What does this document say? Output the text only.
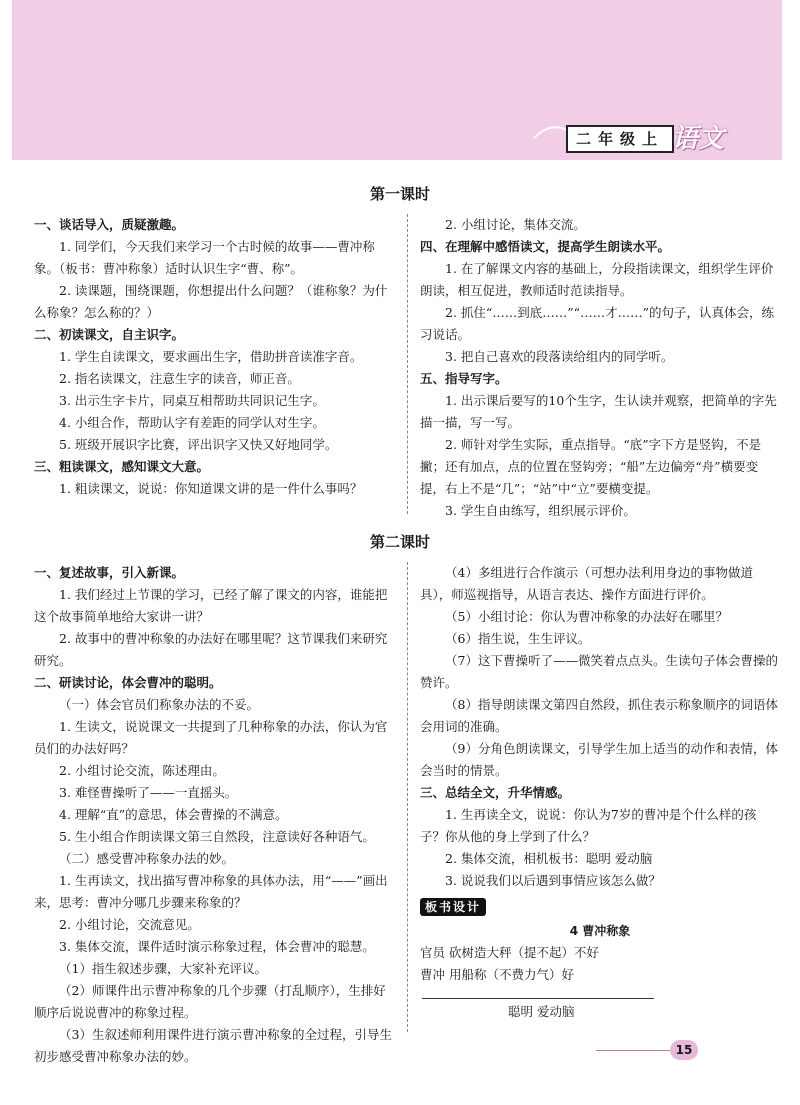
二年级上 语文
第一课时

一、谈话导入，质疑激趣。

1. 同学们，今天我们来学习一个古时候的故事——曹冲称象。（板书：曹冲称象）适时认识生字“曹、称”。

2. 读课题，围绕课题，你想提出什么问题？（谁称象？为什么称象？怎么称的？）

二、初读课文，自主识字。

1. 学生自读课文，要求画出生字，借助拼音读准字音。

2. 指名读课文，注意生字的读音，师正音。

3. 出示生字卡片，同桌互相帮助共同识记生字。

4. 小组合作，帮助认字有差距的同学认对生字。

5. 班级开展识字比赛，评出识字又快又好地同学。

三、粗读课文，感知课文大意。

1. 粗读课文，说说：你知道课文讲的是一件什么事吗？

2. 小组讨论，集体交流。

四、在理解中感悟读文，提高学生朗读水平。

1. 在了解课文内容的基础上，分段指读课文，组织学生评价朗读，相互促进，教师适时范读指导。

2. 抓住“……到底……”“……才……”的句子，认真体会，练习说话。

3. 把自己喜欢的段落读给组内的同学听。

五、指导写字。

1. 出示课后要写的10个生字，生认读并观察，把简单的字先描一描，写一写。

2. 师针对学生实际，重点指导。“底”字下方是竖钩，不是撇；还有加点，点的位置在竖钩旁；“船”左边偏旁“舟”横要变提，右上不是“几”；“站”中“立”要横变提。

3. 学生自由练写，组织展示评价。

第二课时

一、复述故事，引入新课。

1. 我们经过上节课的学习，已经了解了课文的内容，谁能把这个故事简单地给大家讲一讲？

2. 故事中的曹冲称象的办法好在哪里呢？这节课我们来研究研究。

二、研读讨论，体会曹冲的聪明。

（一）体会官员们称象办法的不妥。

1. 生读文，说说课文一共提到了几种称象的办法，你认为官员们的办法好吗？

2. 小组讨论交流，陈述理由。

3. 难怪曹操听了——一直摇头。

4. 理解“直”的意思，体会曹操的不满意。

5. 生小组合作朗读课文第三自然段，注意读好各种语气。

（二）感受曹冲称象办法的妙。

1. 生再读文，找出描写曹冲称象的具体办法，用“——”画出来，思考：曹冲分哪几步骤来称象的？

2. 小组讨论，交流意见。

3. 集体交流，课件适时演示称象过程，体会曹冲的聪慧。

（1）指生叙述步骤，大家补充评议。

（2）师课件出示曹冲称象的几个步骤（打乱顺序），生排好顺序后说说曹冲的称象过程。

（3）生叙述师利用课件进行演示曹冲称象的全过程，引导生初步感受曹冲称象办法的妙。

（4）多组进行合作演示（可想办法利用身边的事物做道具），师巡视指导，从语言表达、操作方面进行评价。

（5）小组讨论：你认为曹冲称象的办法好在哪里？

（6）指生说，生生评议。

（7）这下曹操听了——微笑着点点头。生读句子体会曹操的赞许。

（8）指导朗读课文第四自然段，抓住表示称象顺序的词语体会用词的准确。

（9）分角色朗读课文，引导学生加上适当的动作和表情，体会当时的情景。

三、总结全文，升华情感。

1. 生再读全文，说说：你认为7岁的曹冲是个什么样的孩子？你从他的身上学到了什么？

2. 集体交流，相机板书：聪明 爱动脑

3. 说说我们以后遇到事情应该怎么做？

板书设计
4 曹冲称象

官员 砍树造大秤（提不起）不好

曹冲 用船称（不费力气）好

聪明 爱动脑

15
